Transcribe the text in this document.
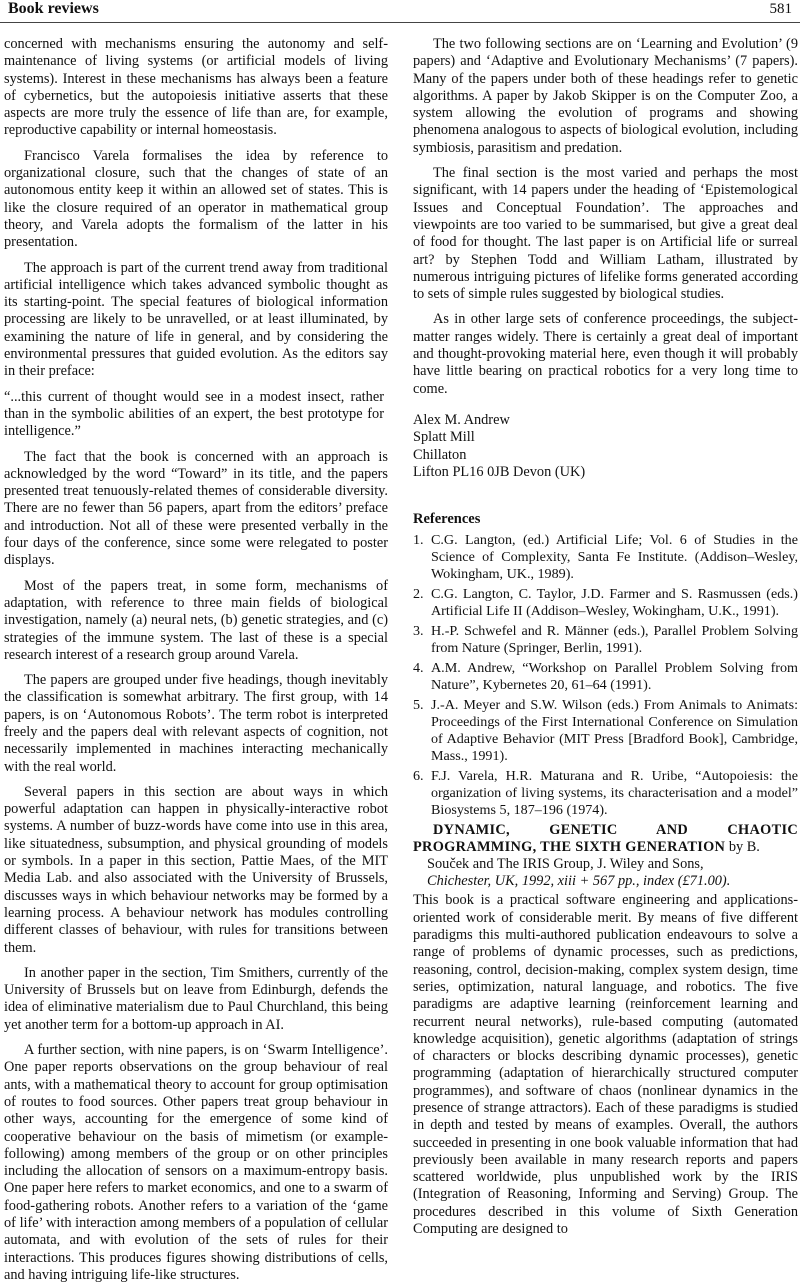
Book reviews	581

concerned with mechanisms ensuring the autonomy and self-maintenance of living systems (or artificial models of living systems). Interest in these mechanisms has always been a feature of cybernetics, but the autopoiesis initiative asserts that these aspects are more truly the essence of life than are, for example, reproductive capability or internal homeostasis.

Francisco Varela formalises the idea by reference to organizational closure, such that the changes of state of an autonomous entity keep it within an allowed set of states. This is like the closure required of an operator in mathematical group theory, and Varela adopts the formalism of the latter in his presentation.

The approach is part of the current trend away from traditional artificial intelligence which takes advanced symbolic thought as its starting-point. The special features of biological information processing are likely to be unravelled, or at least illuminated, by examining the nature of life in general, and by considering the environmental pressures that guided evolution. As the editors say in their preface:

“...this current of thought would see in a modest insect, rather than in the symbolic abilities of an expert, the best prototype for intelligence.”

The fact that the book is concerned with an approach is acknowledged by the word “Toward” in its title, and the papers presented treat tenuously-related themes of considerable diversity. There are no fewer than 56 papers, apart from the editors’ preface and introduction. Not all of these were presented verbally in the four days of the conference, since some were relegated to poster displays.

Most of the papers treat, in some form, mechanisms of adaptation, with reference to three main fields of biological investigation, namely (a) neural nets, (b) genetic strategies, and (c) strategies of the immune system. The last of these is a special research interest of a research group around Varela.

The papers are grouped under five headings, though inevitably the classification is somewhat arbitrary. The first group, with 14 papers, is on ‘Autonomous Robots’. The term robot is interpreted freely and the papers deal with relevant aspects of cognition, not necessarily implemented in machines interacting mechanically with the real world.

Several papers in this section are about ways in which powerful adaptation can happen in physically-interactive robot systems. A number of buzz-words have come into use in this area, like situatedness, subsumption, and physical grounding of models or symbols. In a paper in this section, Pattie Maes, of the MIT Media Lab. and also associated with the University of Brussels, discusses ways in which behaviour networks may be formed by a learning process. A behaviour network has modules controlling different classes of behaviour, with rules for transitions between them.

In another paper in the section, Tim Smithers, currently of the University of Brussels but on leave from Edinburgh, defends the idea of eliminative materialism due to Paul Churchland, this being yet another term for a bottom-up approach in AI.

A further section, with nine papers, is on ‘Swarm Intelligence’. One paper reports observations on the group behaviour of real ants, with a mathematical theory to account for group optimisation of routes to food sources. Other papers treat group behaviour in other ways, accounting for the emergence of some kind of cooperative behaviour on the basis of mimetism (or example-following) among members of the group or on other principles including the allocation of sensors on a maximum-entropy basis. One paper here refers to market economics, and one to a swarm of food-gathering robots. Another refers to a variation of the ‘game of life’ with interaction among members of a population of cellular automata, and with evolution of the sets of rules for their interactions. This produces figures showing distributions of cells, and having intriguing life-like structures.

The two following sections are on ‘Learning and Evolution’ (9 papers) and ‘Adaptive and Evolutionary Mechanisms’ (7 papers). Many of the papers under both of these headings refer to genetic algorithms. A paper by Jakob Skipper is on the Computer Zoo, a system allowing the evolution of programs and showing phenomena analogous to aspects of biological evolution, including symbiosis, parasitism and predation.

The final section is the most varied and perhaps the most significant, with 14 papers under the heading of ‘Epistemological Issues and Conceptual Foundation’. The approaches and viewpoints are too varied to be summarised, but give a great deal of food for thought. The last paper is on Artificial life or surreal art? by Stephen Todd and William Latham, illustrated by numerous intriguing pictures of lifelike forms generated according to sets of simple rules suggested by biological studies.

As in other large sets of conference proceedings, the subject-matter ranges widely. There is certainly a great deal of important and thought-provoking material here, even though it will probably have little bearing on practical robotics for a very long time to come.

Alex M. Andrew
Splatt Mill
Chillaton
Lifton PL16 0JB Devon (UK)
References
1. C.G. Langton, (ed.) Artificial Life; Vol. 6 of Studies in the Science of Complexity, Santa Fe Institute. (Addison–Wesley, Wokingham, UK., 1989).
2. C.G. Langton, C. Taylor, J.D. Farmer and S. Rasmussen (eds.) Artificial Life II (Addison–Wesley, Wokingham, U.K., 1991).
3. H.-P. Schwefel and R. Männer (eds.), Parallel Problem Solving from Nature (Springer, Berlin, 1991).
4. A.M. Andrew, “Workshop on Parallel Problem Solving from Nature”, Kybernetes 20, 61–64 (1991).
5. J.-A. Meyer and S.W. Wilson (eds.) From Animals to Animats: Proceedings of the First International Conference on Simulation of Adaptive Behavior (MIT Press [Bradford Book], Cambridge, Mass., 1991).
6. F.J. Varela, H.R. Maturana and R. Uribe, “Autopoiesis: the organization of living systems, its characterisation and a model” Biosystems 5, 187–196 (1974).

DYNAMIC, GENETIC AND CHAOTIC PROGRAMMING, THE SIXTH GENERATION by B.

Souček and The IRIS Group, J. Wiley and Sons,
Chichester, UK, 1992, xiii + 567 pp., index (£71.00).

This book is a practical software engineering and applications-oriented work of considerable merit. By means of five different paradigms this multi-authored publication endeavours to solve a range of problems of dynamic processes, such as predictions, reasoning, control, decision-making, complex system design, time series, optimization, natural language, and robotics. The five paradigms are adaptive learning (reinforcement learning and recurrent neural networks), rule-based computing (automated knowledge acquisition), genetic algorithms (adaptation of strings of characters or blocks describing dynamic processes), genetic programming (adaptation of hierarchically structured computer programmes), and software of chaos (nonlinear dynamics in the presence of strange attractors). Each of these paradigms is studied in depth and tested by means of examples. Overall, the authors succeeded in presenting in one book valuable information that had previously been available in many research reports and papers scattered worldwide, plus unpublished work by the IRIS (Integration of Reasoning, Informing and Serving) Group. The procedures described in this volume of Sixth Generation Computing are designed to
